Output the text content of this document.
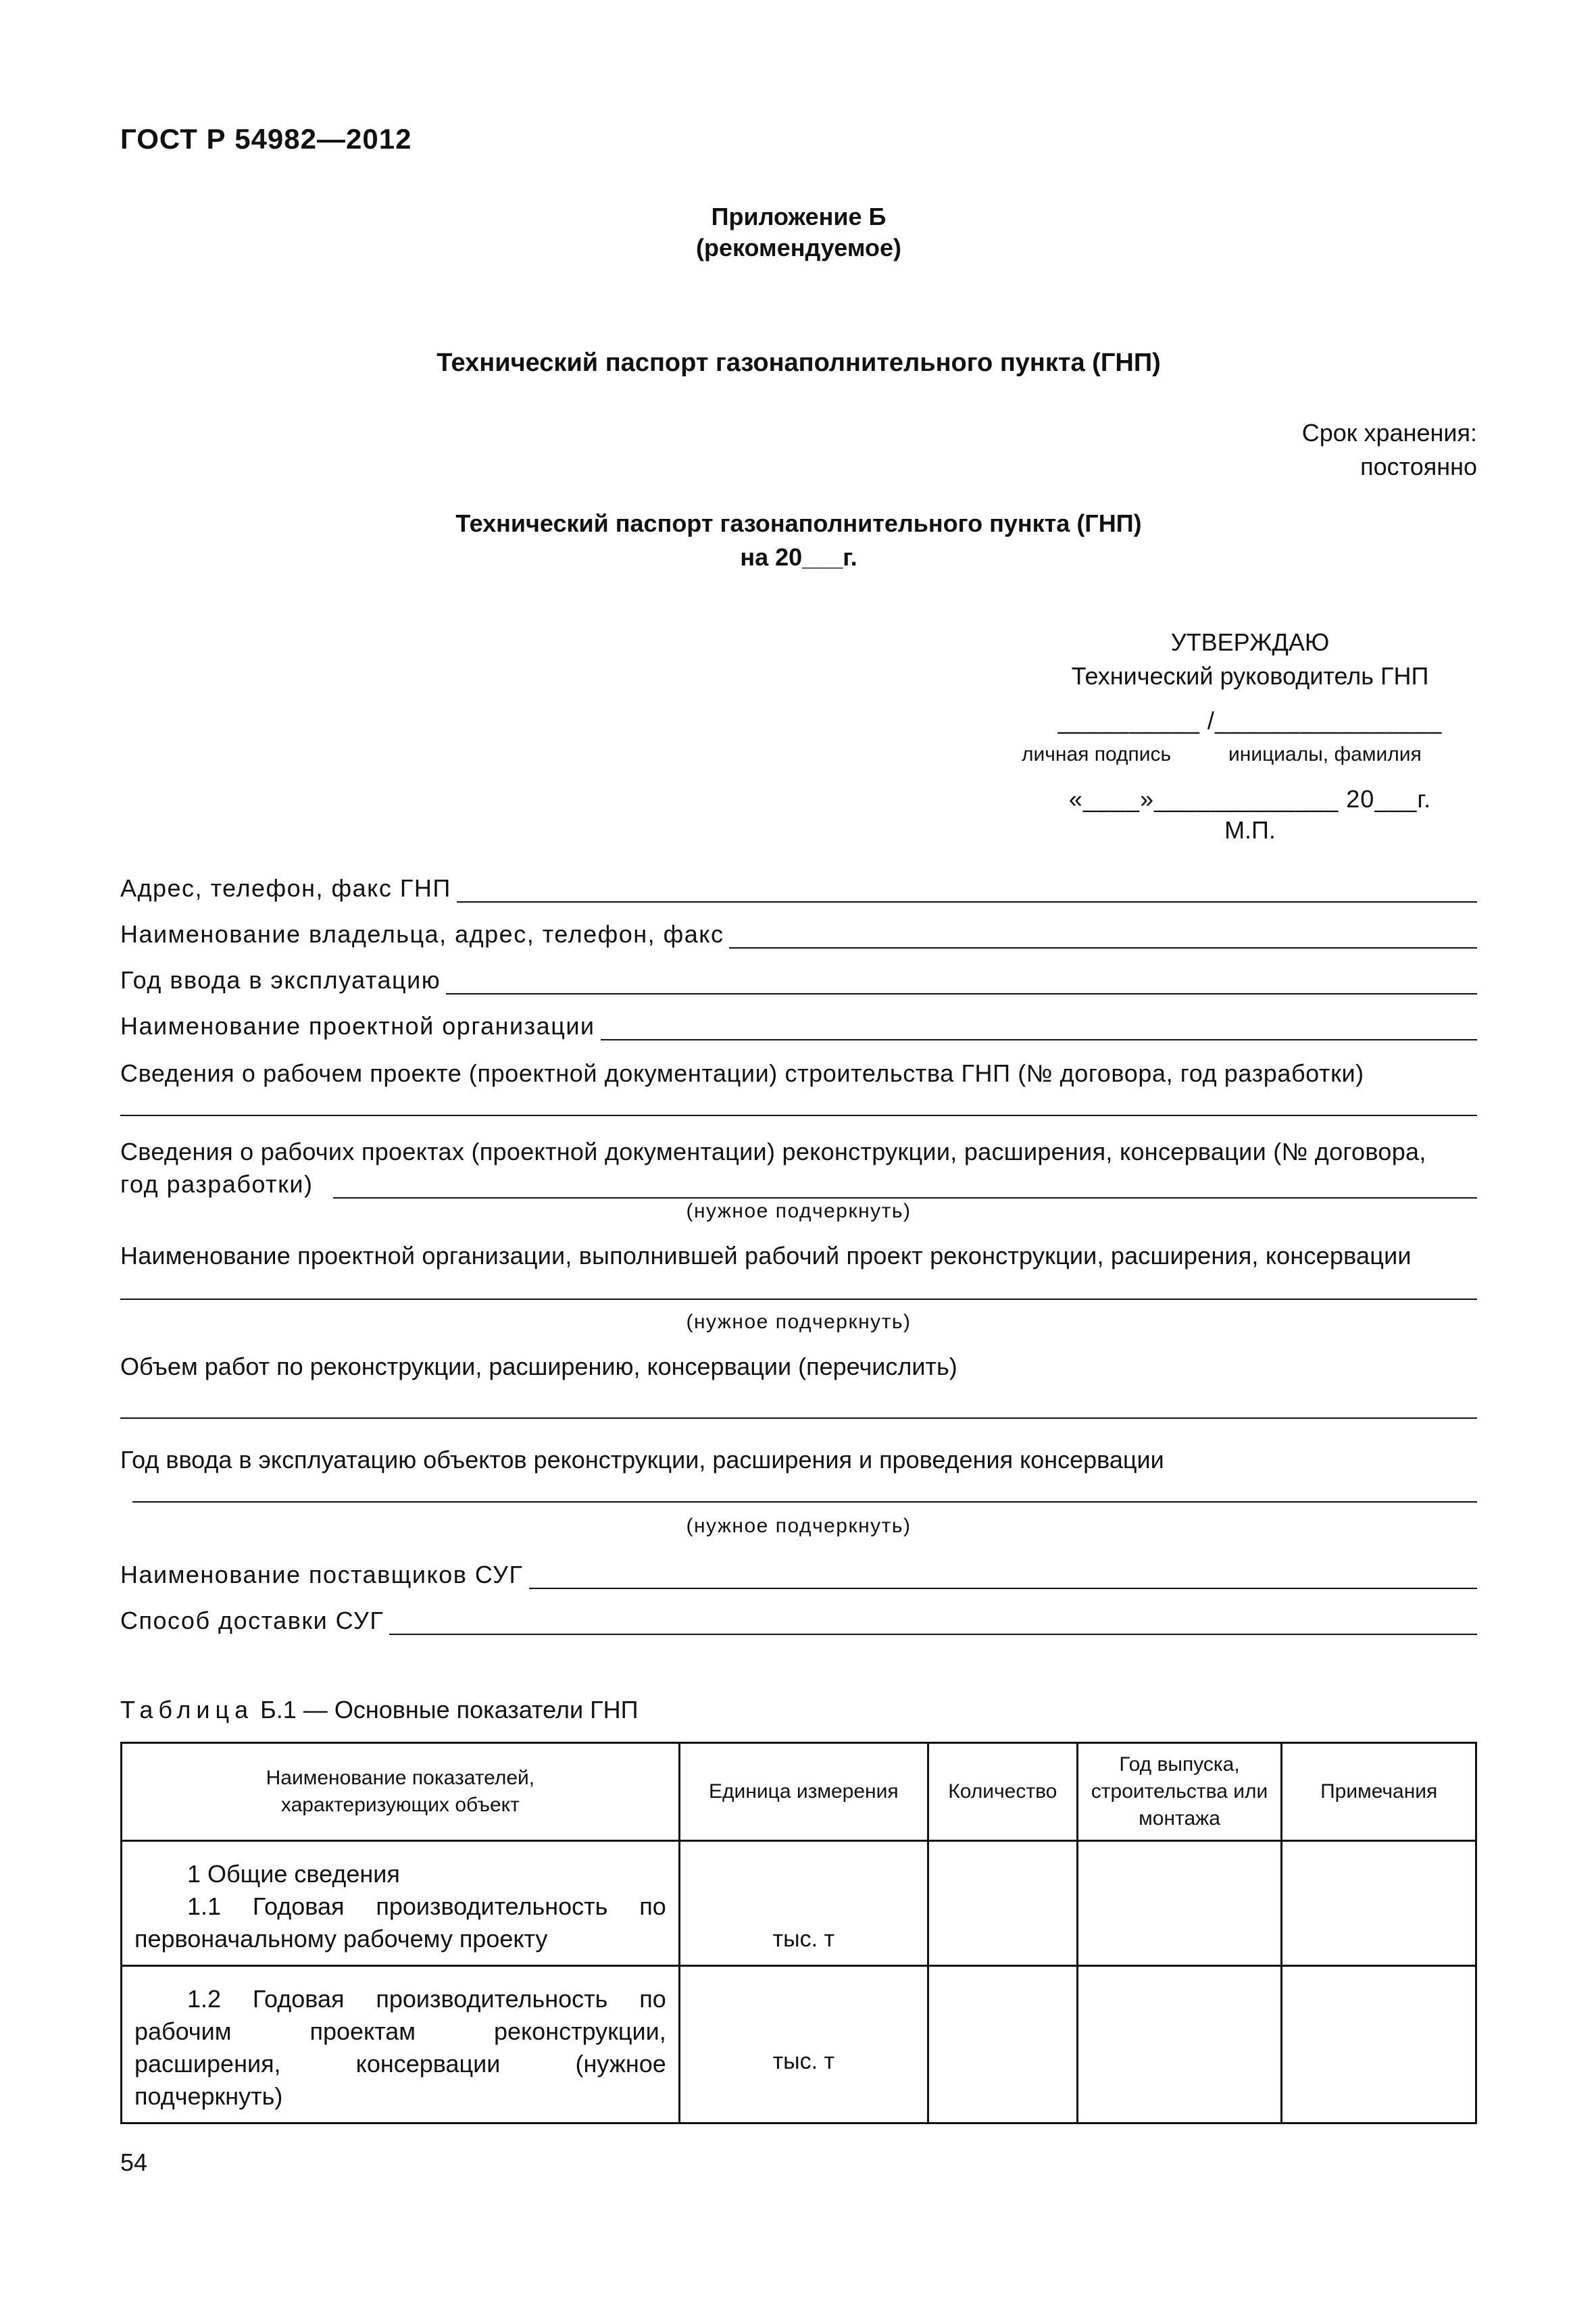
ГОСТ Р 54982—2012
Приложение Б
(рекомендуемое)
Технический паспорт газонаполнительного пункта (ГНП)
Срок хранения:
постоянно
Технический паспорт газонаполнительного пункта (ГНП)
на 20___г.
УТВЕРЖДАЮ
Технический руководитель ГНП
__________ /________________
личная подпись	инициалы, фамилия
«____»_____________ 20___г.
М.П.
Адрес, телефон, факс ГНП
Наименование владельца, адрес, телефон, факс
Год ввода в эксплуатацию
Наименование проектной организации
Сведения о рабочем проекте (проектной документации) строительства ГНП (№ договора, год разработки)
Сведения о рабочих проектах (проектной документации) реконструкции, расширения, консервации (№ договора,
год разработки)
(нужное подчеркнуть)
Наименование проектной организации, выполнившей рабочий проект реконструкции, расширения, консервации
(нужное подчеркнуть)
Объем работ по реконструкции, расширению, консервации (перечислить)
Год ввода в эксплуатацию объектов реконструкции, расширения и проведения консервации
(нужное подчеркнуть)
Наименование поставщиков СУГ
Способ доставки СУГ
Таблица Б.1 — Основные показатели ГНП
Наименование показателей, характеризующих объект	Единица измерения	Количество	Год выпуска, строительства или монтажа	Примечания

1 Общие сведения
1.1 Годовая производительность по первоначальному рабочему проекту	тыс. т			

1.2 Годовая производительность по рабочим проектам реконструкции, расширения, консервации (нужное подчеркнуть)	тыс. т			
54
